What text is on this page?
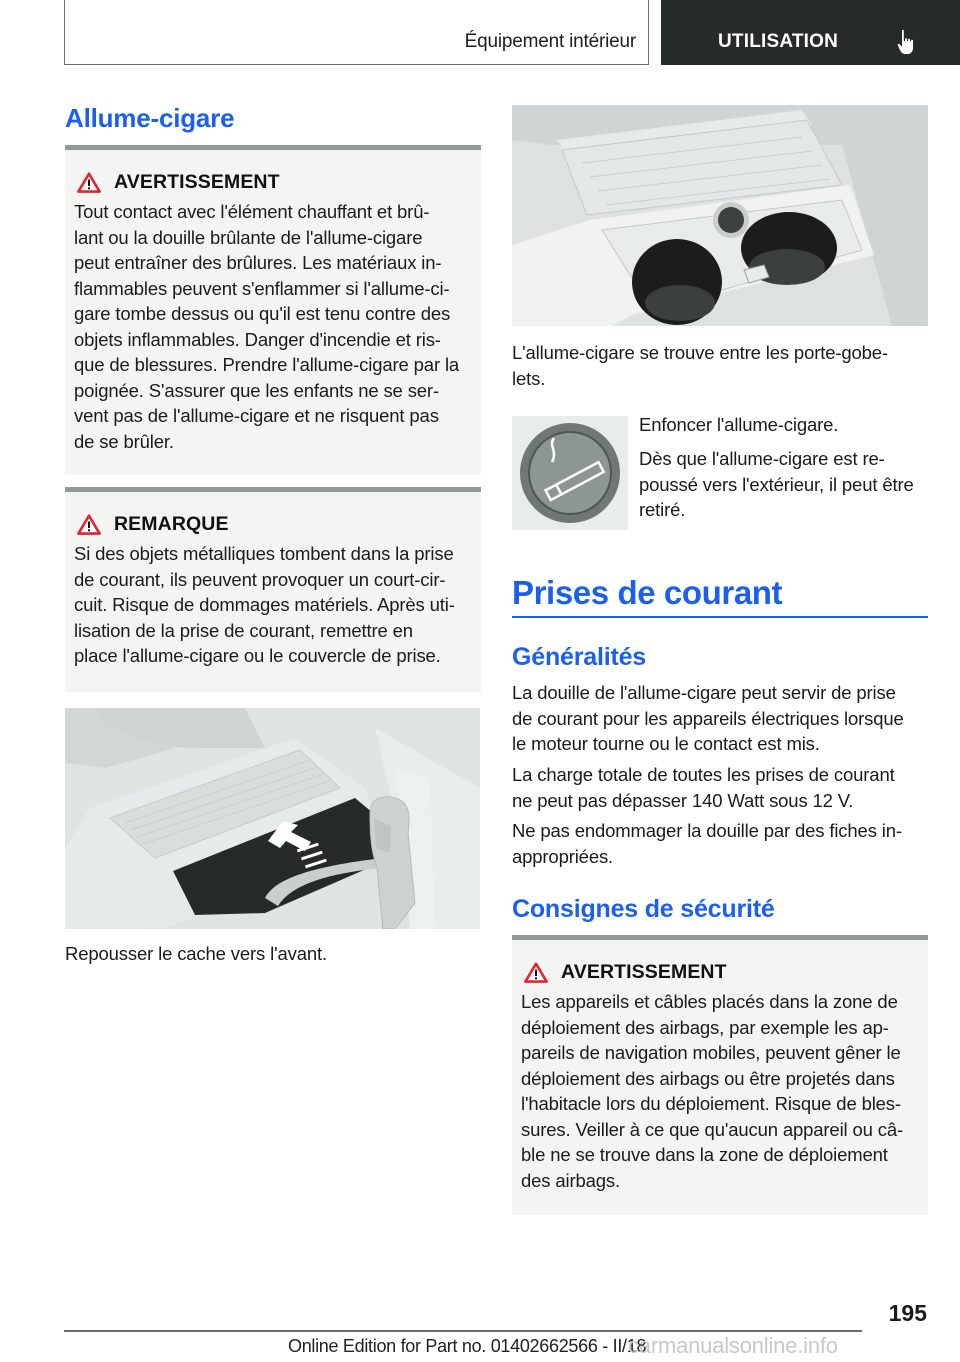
Équipement intérieur	UTILISATION
Allume-cigare
AVERTISSEMENT
Tout contact avec l'élément chauffant et brû-
lant ou la douille brûlante de l'allume-cigare
peut entraîner des brûlures. Les matériaux in-
flammables peuvent s'enflammer si l'allume-ci-
gare tombe dessus ou qu'il est tenu contre des
objets inflammables. Danger d'incendie et ris-
que de blessures. Prendre l'allume-cigare par la
poignée. S'assurer que les enfants ne se ser-
vent pas de l'allume-cigare et ne risquent pas
de se brûler.
REMARQUE
Si des objets métalliques tombent dans la prise
de courant, ils peuvent provoquer un court-cir-
cuit. Risque de dommages matériels. Après uti-
lisation de la prise de courant, remettre en
place l'allume-cigare ou le couvercle de prise.
Repousser le cache vers l'avant.
L'allume-cigare se trouve entre les porte-gobe-
lets.
Enfoncer l'allume-cigare.
Dès que l'allume-cigare est re-
poussé vers l'extérieur, il peut être
retiré.
Prises de courant
Généralités
La douille de l'allume-cigare peut servir de prise
de courant pour les appareils électriques lorsque
le moteur tourne ou le contact est mis.
La charge totale de toutes les prises de courant
ne peut pas dépasser 140 Watt sous 12 V.
Ne pas endommager la douille par des fiches in-
appropriées.
Consignes de sécurité
AVERTISSEMENT
Les appareils et câbles placés dans la zone de
déploiement des airbags, par exemple les ap-
pareils de navigation mobiles, peuvent gêner le
déploiement des airbags ou être projetés dans
l'habitacle lors du déploiement. Risque de bles-
sures. Veiller à ce que qu'aucun appareil ou câ-
ble ne se trouve dans la zone de déploiement
des airbags.
195
Online Edition for Part no. 01402662566 - II/18
carmanualsonline.info
